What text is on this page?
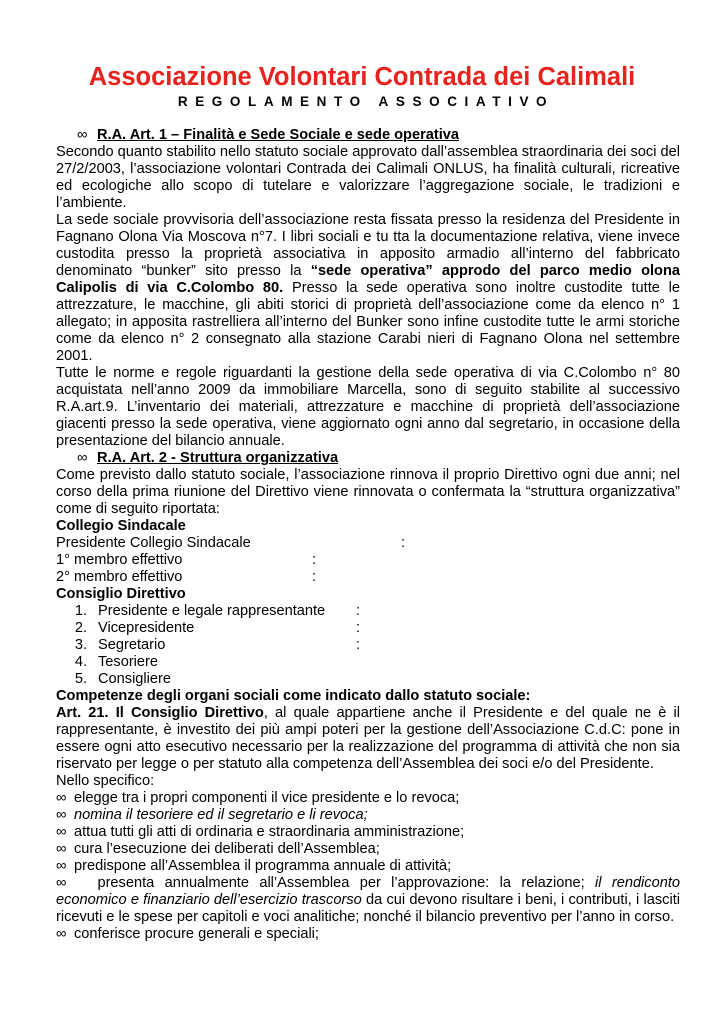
Associazione Volontari Contrada dei Calimali
REGOLAMENTO ASSOCIATIVO
∞ R.A. Art. 1 – Finalità e Sede Sociale e sede operativa

Secondo quanto stabilito nello statuto sociale approvato dall’assemblea straordinaria dei soci del 27/2/2003, l’associazione volontari Contrada dei Calimali ONLUS, ha finalità culturali, ricreative ed ecologiche allo scopo di tutelare e valorizzare l’aggregazione sociale, le tradizioni e l’ambiente.

La sede sociale provvisoria dell’associazione resta fissata presso la residenza del Presidente in Fagnano Olona Via Moscova n°7. I libri sociali e tu tta la documentazione relativa, viene invece custodita presso la proprietà associativa in apposito armadio all’interno del fabbricato denominato “bunker” sito presso la “sede operativa” approdo del parco medio olona Calipolis di via C.Colombo 80. Presso la sede operativa sono inoltre custodite tutte le attrezzature, le macchine, gli abiti storici di proprietà dell’associazione come da elenco n° 1 allegato; in apposita rastrelliera all’interno del Bunker sono infine custodite tutte le armi storiche come da elenco n° 2 consegnato alla stazione Carabi nieri di Fagnano Olona nel settembre 2001.

Tutte le norme e regole riguardanti la gestione della sede operativa di via C.Colombo n° 80 acquistata nell’anno 2009 da immobiliare Marcella, sono di seguito stabilite al successivo R.A.art.9. L’inventario dei materiali, attrezzature e macchine di proprietà dell’associazione giacenti presso la sede operativa, viene aggiornato ogni anno dal segretario, in occasione della presentazione del bilancio annuale.

∞ R.A. Art. 2 - Struttura organizzativa

Come previsto dallo statuto sociale, l’associazione rinnova il proprio Direttivo ogni due anni; nel corso della prima riunione del Direttivo viene rinnovata o confermata la “struttura organizzativa” come di seguito riportata:

Collegio Sindacale
Presidente Collegio Sindacale	:
1° membro effettivo	:
2° membro effettivo	:
Consiglio Direttivo
1. Presidente e legale rappresentante	:
2. Vicepresidente	:
3. Segretario	:
4. Tesoriere
5. Consigliere
Competenze degli organi sociali come indicato dallo statuto sociale:

Art. 21. Il Consiglio Direttivo, al quale appartiene anche il Presidente e del quale ne è il rappresentante, è investito dei più ampi poteri per la gestione dell’Associazione C.d.C: pone in essere ogni atto esecutivo necessario per la realizzazione del programma di attività che non sia riservato per legge o per statuto alla competenza dell’Assemblea dei soci e/o del Presidente.

Nello specifico:
∞ elegge tra i propri componenti il vice presidente e lo revoca;
∞ nomina il tesoriere ed il segretario e li revoca;
∞ attua tutti gli atti di ordinaria e straordinaria amministrazione;
∞ cura l’esecuzione dei deliberati dell’Assemblea;
∞ predispone all’Assemblea il programma annuale di attività;

∞ presenta annualmente all’Assemblea per l’approvazione: la relazione; il rendiconto economico e finanziario dell’esercizio trascorso da cui devono risultare i beni, i contributi, i lasciti ricevuti e le spese per capitoli e voci analitiche; nonché il bilancio preventivo per l’anno in corso.

∞ conferisce procure generali e speciali;
